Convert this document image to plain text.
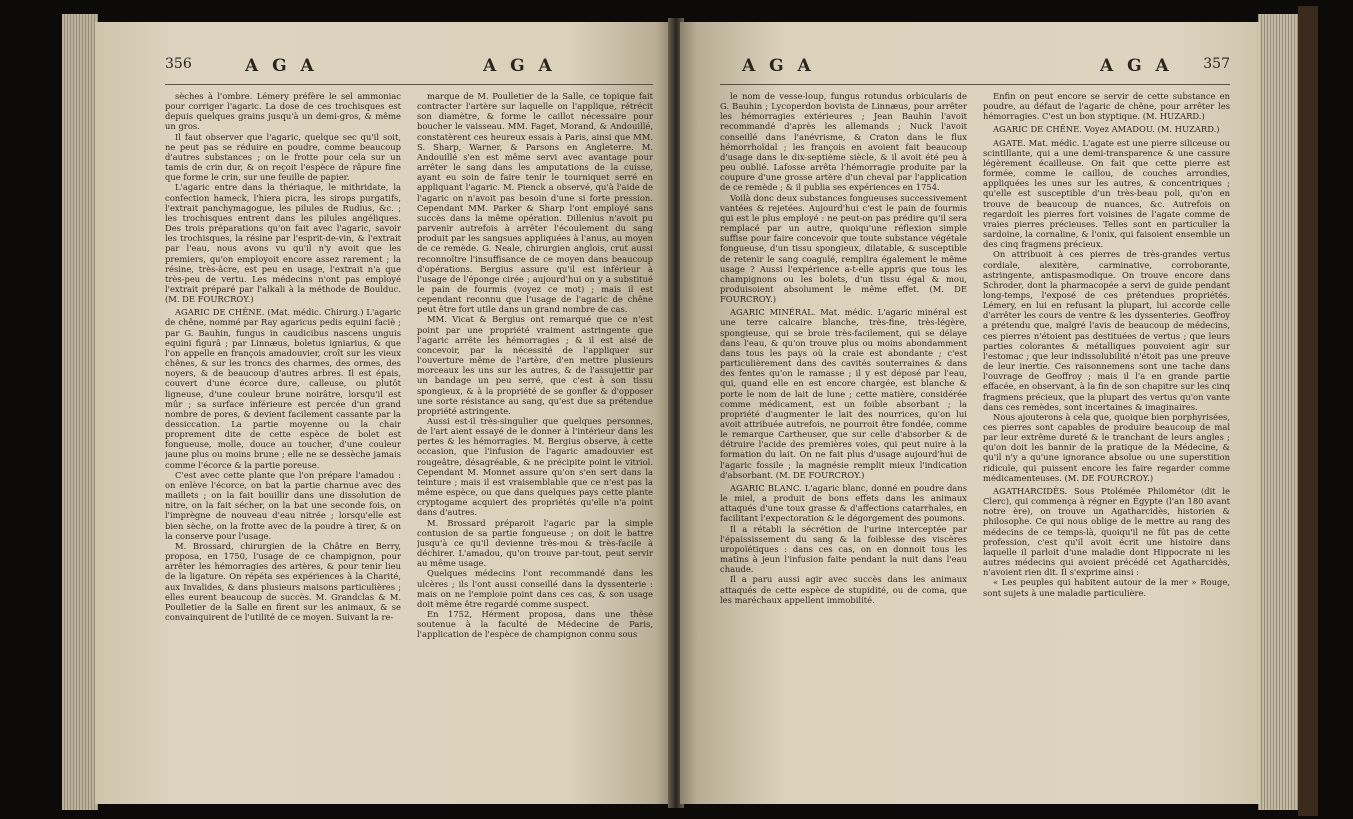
356	A G A	A G A

sèches à l'ombre. Lémery préfère le sel ammoniac pour corriger l'agaric. La dose de ces trochisques est depuis quelques grains jusqu'à un demi-gros, & même un gros.

Il faut observer que l'agaric, quelque sec qu'il soit, ne peut pas se réduire en poudre, comme beaucoup d'autres substances ; on le frotte pour cela sur un tamis de crin dur, & on reçoit l'espèce de râpure fine que forme le crin, sur une feuille de papier.

L'agaric entre dans la thériaque, le mithridate, la confection hameck, l'hiera picra, les sirops purgatifs, l'extrait panchymagogue, les pilules de Rudius, &c. ; les trochisques entrent dans les pilules angéliques. Des trois préparations qu'on fait avec l'agaric, savoir les trochisques, la résine par l'esprit-de-vin, & l'extrait par l'eau, nous avons vu qu'il n'y avoit que les premiers, qu'on employoit encore assez rarement ; la résine, très-âcre, est peu en usage, l'extrait n'a que très-peu de vertu. Les médecins n'ont pas employé l'extrait préparé par l'alkali à la méthode de Boulduc. (M. DE FOURCROY.)

AGARIC DE CHÊNE. (Mat. médic. Chirurg.) L'agaric de chêne, nommé par Ray agaricus pedis equini faciè ; par G. Bauhin, fungus in caudicibus nascens unguis equini figurâ ; par Linnæus, boletus igniarius, & que l'on appelle en françois amadouvier, croît sur les vieux chênes, & sur les troncs des charmes, des ormes, des noyers, & de beaucoup d'autres arbres. Il est épais, couvert d'une écorce dure, calleuse, ou plutôt ligneuse, d'une couleur brune noirâtre, lorsqu'il est mûr ; sa surface inférieure est percée d'un grand nombre de pores, & devient facilement cassante par la dessiccation. La partie moyenne ou la chair proprement dite de cette espèce de bolet est fongueuse, molle, douce au toucher, d'une couleur jaune plus ou moins brune ; elle ne se dessèche jamais comme l'écorce & la partie poreuse.

C'est avec cette plante que l'on prépare l'amadou : on enlève l'écorce, on bat la partie charnue avec des maillets ; on la fait bouillir dans une dissolution de nitre, on la fait sécher, on la bat une seconde fois, on l'imprègne de nouveau d'eau nitrée ; lorsqu'elle est bien sèche, on la frotte avec de la poudre à tirer, & on la conserve pour l'usage.

M. Brossard, chirurgien de la Châtre en Berry, proposa, en 1750, l'usage de ce champignon, pour arrêter les hémorragies des artères, & pour tenir lieu de la ligature. On répéta ses expériences à la Charité, aux Invalides, & dans plusieurs maisons particulières ; elles eurent beaucoup de succès. M. Grandclas & M. Poulletier de la Salle en firent sur les animaux, & se convainquirent de l'utilité de ce moyen. Suivant la re-

marque de M. Poulletier de la Salle, ce topique fait contracter l'artère sur laquelle on l'applique, rétrécit son diamètre, & forme le caillot nécessaire pour boucher le vaisseau. MM. Faget, Morand, & Andouillé, constatèrent ces heureux essais à Paris, ainsi que MM. S. Sharp, Warner, & Parsons en Angleterre. M. Andouillé s'en est même servi avec avantage pour arrêter le sang dans les amputations de la cuisse, ayant eu soin de faire tenir le tourniquet serré en appliquant l'agaric. M. Pienck a observé, qu'à l'aide de l'agaric on n'avoit pas besoin d'une si forte pression. Cependant MM. Parker & Sharp l'ont employé sans succès dans la même opération. Dillenius n'avoit pu parvenir autrefois à arrêter l'écoulement du sang produit par les sangsues appliquées à l'anus, au moyen de ce remède. G. Neale, chirurgien anglois, crut aussi reconnoître l'insuffisance de ce moyen dans beaucoup d'opérations. Bergius assure qu'il est inférieur à l'usage de l'éponge cirée ; aujourd'hui on y a substitué le pain de fourmis (voyez ce mot) ; mais il est cependant reconnu que l'usage de l'agaric de chêne peut être fort utile dans un grand nombre de cas.

MM. Vicat & Bergius ont remarqué que ce n'est point par une propriété vraiment astringente que l'agaric arrête les hémorragies ; & il est aisé de concevoir, par la nécessité de l'appliquer sur l'ouverture même de l'artère, d'en mettre plusieurs morceaux les uns sur les autres, & de l'assujettir par un bandage un peu serré, que c'est à son tissu spongieux, & à la propriété de se gonfler & d'opposer une sorte résistance au sang, qu'est due sa prétendue propriété astringente.

Aussi est-il très-singulier que quelques personnes, de l'art aient essayé de le donner à l'intérieur dans les pertes & les hémorragies. M. Bergius observe, à cette occasion, que l'infusion de l'agaric amadouvier est rougeâtre, désagréable, & ne précipite point le vitriol. Cependant M. Monnet assure qu'on s'en sert dans la teinture ; mais il est vraisemblable que ce n'est pas la même espèce, ou que dans quelques pays cette plante cryptogame acquiert des propriétés qu'elle n'a point dans d'autres.

M. Brossard préparoit l'agaric par la simple contusion de sa partie fongueuse ; on doit le battre jusqu'à ce qu'il devienne très-mou & très-facile à déchirer. L'amadou, qu'on trouve par-tout, peut servir au même usage.

Quelques médecins l'ont recommandé dans les ulcères ; ils l'ont aussi conseillé dans la dyssenterie : mais on ne l'emploie point dans ces cas, & son usage doit même être regardé comme suspect.

En 1752, Hérment proposa, dans une thèse soutenue à la faculté de Médecine de Paris, l'application de l'espèce de champignon connu sous

A G A	A G A 357

le nom de vesse-loup, fungus rotundus orbicularis de G. Bauhin ; Lycoperdon bovista de Linnæus, pour arrêter les hémorragies extérieures ; Jean Bauhin l'avoit recommandé d'après les allemands ; Nuck l'avoit conseillé dans l'anévrisme, & Craton dans le flux hémorrhoïdal ; les françois en avoient fait beaucoup d'usage dans le dix-septième siècle, & il avoit été peu à peu oublié. Lafosse arrêta l'hémorragie produite par la coupure d'une grosse artère d'un cheval par l'application de ce remède ; & il publia ses expériences en 1754.

Voilà donc deux substances fongueuses successivement vantées & rejetées. Aujourd'hui c'est le pain de fourmis qui est le plus employé : ne peut-on pas prédire qu'il sera remplacé par un autre, quoiqu'une réflexion simple suffise pour faire concevoir que toute substance végétale fongueuse, d'un tissu spongieux, dilatable, & susceptible de retenir le sang coagulé, remplira également le même usage ? Aussi l'expérience a-t-elle appris que tous les champignons ou les bolets, d'un tissu égal & mou, produisoient absolument le même effet. (M. DE FOURCROY.)

AGARIC MINÉRAL. Mat. médic. L'agaric minéral est une terre calcaire blanche, très-fine, très-légère, spongieuse, qui se broie très-facilement, qui se délaye dans l'eau, & qu'on trouve plus ou moins abondamment dans tous les pays où la craie est abondante ; c'est particulièrement dans des cavités souterraines & dans des fentes qu'on le ramasse ; il y est déposé par l'eau, qui, quand elle en est encore chargée, est blanche & porte le nom de lait de lune ; cette matière, considérée comme médicament, est un foible absorbant ; la propriété d'augmenter le lait des nourrices, qu'on lui avoit attribuée autrefois, ne pourroit être fondée, comme le remarque Cartheuser, que sur celle d'absorber & de détruire l'acide des premières voies, qui peut nuire à la formation du lait. On ne fait plus d'usage aujourd'hui de l'agaric fossile ; la magnésie remplit mieux l'indication d'absorbant. (M. DE FOURCROY.)

AGARIC BLANC. L'agaric blanc, donné en poudre dans le miel, a produit de bons effets dans les animaux attaqués d'une toux grasse & d'affections catarrhales, en facilitant l'expectoration & le dégorgement des poumons.

Il a rétabli la sécrétion de l'urine interceptée par l'épaississement du sang & la foiblesse des viscères uropoïétiques : dans ces cas, on en donnoit tous les matins à jeun l'infusion faite pendant la nuit dans l'eau chaude.

Il a paru aussi agir avec succès dans les animaux attaqués de cette espèce de stupidité, ou de coma, que les maréchaux appellent immobilité.

Enfin on peut encore se servir de cette substance en poudre, au défaut de l'agaric de chêne, pour arrêter les hémorragies. C'est un bon styptique. (M. HUZARD.)

AGARIC DE CHÊNE. Voyez AMADOU. (M. HUZARD.)

AGATE. Mat. médic. L'agate est une pierre siliceuse ou scintillante, qui a une demi-transparence & une cassure légèrement écailleuse. On fait que cette pierre est formée, comme le caillou, de couches arrondies, appliquées les unes sur les autres, & concentriques ; qu'elle est susceptible d'un très-beau poli, qu'on en trouve de beaucoup de nuances, &c. Autrefois on regardoit les pierres fort voisines de l'agate comme de vraies pierres précieuses. Telles sont en particulier la sardoine, la cornaline, & l'onix, qui faisoient ensemble un des cinq fragmens précieux.

On attribuoit à ces pierres de très-grandes vertus cordiale, alexitère, carminative, corroborante, astringente, antispasmodique. On trouve encore dans Schroder, dont la pharmacopée a servi de guide pendant long-temps, l'exposé de ces prétendues propriétés. Lémery, en lui en refusant la plupart, lui accorde celle d'arrêter les cours de ventre & les dyssenteries. Geoffroy a prétendu que, malgré l'avis de beaucoup de médecins, ces pierres n'étoient pas destituées de vertus ; que leurs parties colorantes & métalliques pouvoient agir sur l'estomac ; que leur indissolubilité n'étoit pas une preuve de leur inertie. Ces raisonnemens sont une tache dans l'ouvrage de Geoffroy ; mais il l'a en grande partie effacée, en observant, à la fin de son chapitre sur les cinq fragmens précieux, que la plupart des vertus qu'on vante dans ces remèdes, sont incertaines & imaginaires.

Nous ajouterons à cela que, quoique bien porphyrisées, ces pierres sont capables de produire beaucoup de mal par leur extrême dureté & le tranchant de leurs angles ; qu'on doit les bannir de la pratique de la Médecine, & qu'il n'y a qu'une ignorance absolue ou une superstition ridicule, qui puissent encore les faire regarder comme médicamenteuses. (M. DE FOURCROY.)

AGATHARCIDÈS. Sous Ptolémée Philométor (dit le Clerc), qui commença à régner en Égypte (l'an 180 avant notre ère), on trouve un Agatharcidès, historien & philosophe. Ce qui nous oblige de le mettre au rang des médecins de ce temps-là, quoiqu'il ne fût pas de cette profession, c'est qu'il avoit écrit une histoire dans laquelle il parloit d'une maladie dont Hippocrate ni les autres médecins qui avoient précédé cet Agatharcidès, n'avoient rien dit. Il s'exprime ainsi :

« Les peuples qui habitent autour de la mer » Rouge, sont sujets à une maladie particulière.
